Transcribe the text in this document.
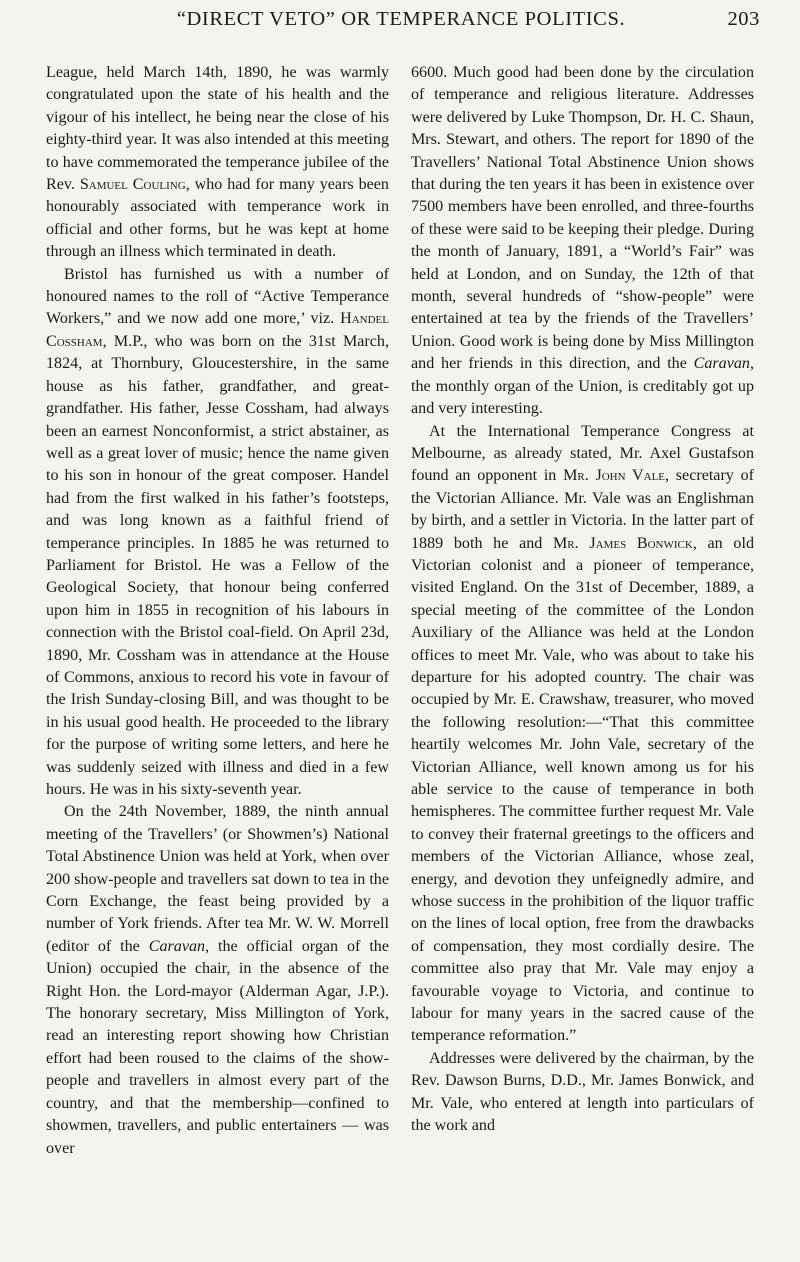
“DIRECT VETO” OR TEMPERANCE POLITICS.	203

League, held March 14th, 1890, he was warmly congratulated upon the state of his health and the vigour of his intellect, he being near the close of his eighty-third year. It was also intended at this meeting to have commemorated the temperance jubilee of the Rev. Samuel Couling, who had for many years been honourably associated with temperance work in official and other forms, but he was kept at home through an illness which terminated in death.

Bristol has furnished us with a number of honoured names to the roll of “Active Temperance Workers,” and we now add one more,’ viz. Handel Cossham, M.P., who was born on the 31st March, 1824, at Thornbury, Gloucestershire, in the same house as his father, grandfather, and great-grandfather. His father, Jesse Cossham, had always been an earnest Nonconformist, a strict abstainer, as well as a great lover of music; hence the name given to his son in honour of the great composer. Handel had from the first walked in his father’s footsteps, and was long known as a faithful friend of temperance principles. In 1885 he was returned to Parliament for Bristol. He was a Fellow of the Geological Society, that honour being conferred upon him in 1855 in recognition of his labours in connection with the Bristol coal-field. On April 23d, 1890, Mr. Cossham was in attendance at the House of Commons, anxious to record his vote in favour of the Irish Sunday-closing Bill, and was thought to be in his usual good health. He proceeded to the library for the purpose of writing some letters, and here he was suddenly seized with illness and died in a few hours. He was in his sixty-seventh year.

On the 24th November, 1889, the ninth annual meeting of the Travellers’ (or Showmen’s) National Total Abstinence Union was held at York, when over 200 show-people and travellers sat down to tea in the Corn Exchange, the feast being provided by a number of York friends. After tea Mr. W. W. Morrell (editor of the Caravan, the official organ of the Union) occupied the chair, in the absence of the Right Hon. the Lord-mayor (Alderman Agar, J.P.). The honorary secretary, Miss Millington of York, read an interesting report showing how Christian effort had been roused to the claims of the show-people and travellers in almost every part of the country, and that the membership—confined to showmen, travellers, and public entertainers — was over

6600. Much good had been done by the circulation of temperance and religious literature. Addresses were delivered by Luke Thompson, Dr. H. C. Shaun, Mrs. Stewart, and others. The report for 1890 of the Travellers’ National Total Abstinence Union shows that during the ten years it has been in existence over 7500 members have been enrolled, and three-fourths of these were said to be keeping their pledge. During the month of January, 1891, a “World’s Fair” was held at London, and on Sunday, the 12th of that month, several hundreds of “show-people” were entertained at tea by the friends of the Travellers’ Union. Good work is being done by Miss Millington and her friends in this direction, and the Caravan, the monthly organ of the Union, is creditably got up and very interesting.

At the International Temperance Congress at Melbourne, as already stated, Mr. Axel Gustafson found an opponent in Mr. John Vale, secretary of the Victorian Alliance. Mr. Vale was an Englishman by birth, and a settler in Victoria. In the latter part of 1889 both he and Mr. James Bonwick, an old Victorian colonist and a pioneer of temperance, visited England. On the 31st of December, 1889, a special meeting of the committee of the London Auxiliary of the Alliance was held at the London offices to meet Mr. Vale, who was about to take his departure for his adopted country. The chair was occupied by Mr. E. Crawshaw, treasurer, who moved the following resolution:—“That this committee heartily welcomes Mr. John Vale, secretary of the Victorian Alliance, well known among us for his able service to the cause of temperance in both hemispheres. The committee further request Mr. Vale to convey their fraternal greetings to the officers and members of the Victorian Alliance, whose zeal, energy, and devotion they unfeignedly admire, and whose success in the prohibition of the liquor traffic on the lines of local option, free from the drawbacks of compensation, they most cordially desire. The committee also pray that Mr. Vale may enjoy a favourable voyage to Victoria, and continue to labour for many years in the sacred cause of the temperance reformation.”

Addresses were delivered by the chairman, by the Rev. Dawson Burns, D.D., Mr. James Bonwick, and Mr. Vale, who entered at length into particulars of the work and
